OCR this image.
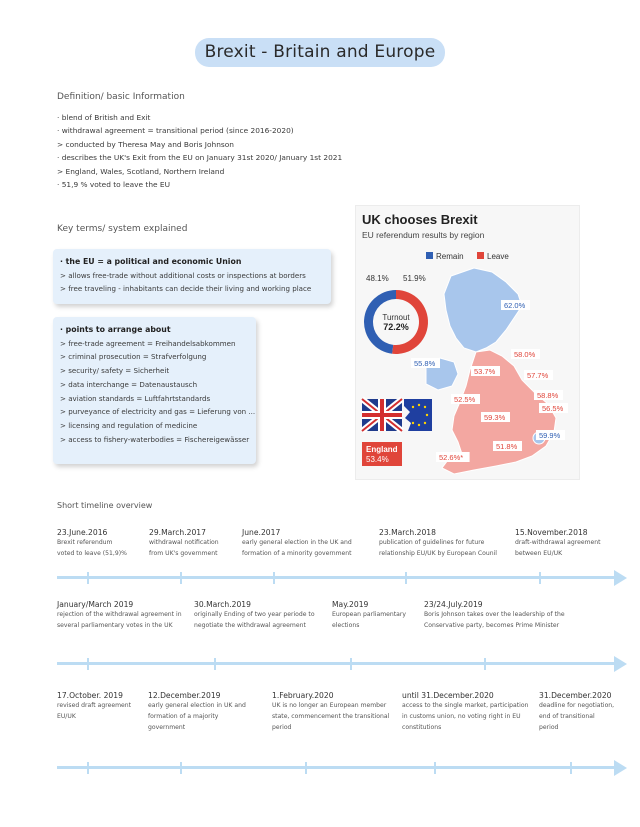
Brexit - Britain and Europe
Definition/ basic Information
· blend of British and Exit
· withdrawal agreement = transitional period (since 2016-2020)
> conducted by Theresa May and Boris Johnson
· describes the UK's Exit from the EU on January 31st 2020/ January 1st 2021
> England, Wales, Scotland, Northern Ireland
· 51,9 % voted to leave the EU
Key terms/ system explained
· the EU = a political and economic Union
> allows free-trade without additional costs or inspections at borders
> free traveling - inhabitants can decide their living and working place
· points to arrange about
> free-trade agreement = Freihandelsabkommen
> criminal prosecution = Strafverfolgung
> security/ safety = Sicherheit
> data interchange = Datenaustausch
> aviation standards = Luftfahrtstandards
> purveyance of electricity and gas = Lieferung von ...
> licensing and regulation of medicine
> access to fishery-waterbodies = Fischereigewässer
UK chooses Brexit
EU referendum results by region
Remain	Leave
48.1% 51.9%
Turnout
72.2%
England
53.4%
62.0%
55.8%
58.0%
53.7%	57.7%
52.5%	58.8%
56.5%
59.3%
59.9%
51.8%
52.6%*
Short timeline overview
23.June.2016
Brexit referendum
voted to leave (51,9)%
29.March.2017
withdrawal notification
from UK's government
June.2017
early general election in the UK and
formation of a minority government
23.March.2018
publication of guidelines for future
relationship EU/UK by European Counil
15.November.2018
draft-withdrawal agreement
between EU/UK
January/March 2019
rejection of the withdrawal agreement in
several parliamentary votes in the UK
30.March.2019
originally Ending of two year periode to
negotiate the withdrawal agreement
May.2019
European parliamentary
elections
23/24.July.2019
Boris Johnson takes over the leadership of the
Conservative party, becomes Prime Minister
17.October. 2019
revised draft agreement
EU/UK
12.December.2019
early general election in UK and
formation of a majority
government
1.February.2020
UK is no longer an European member
state, commencement the transitional
period
until 31.December.2020
access to the single market, participation
in customs union, no voting right in EU
constitutions
31.December.2020
deadline for negotiation,
end of transitional
period
